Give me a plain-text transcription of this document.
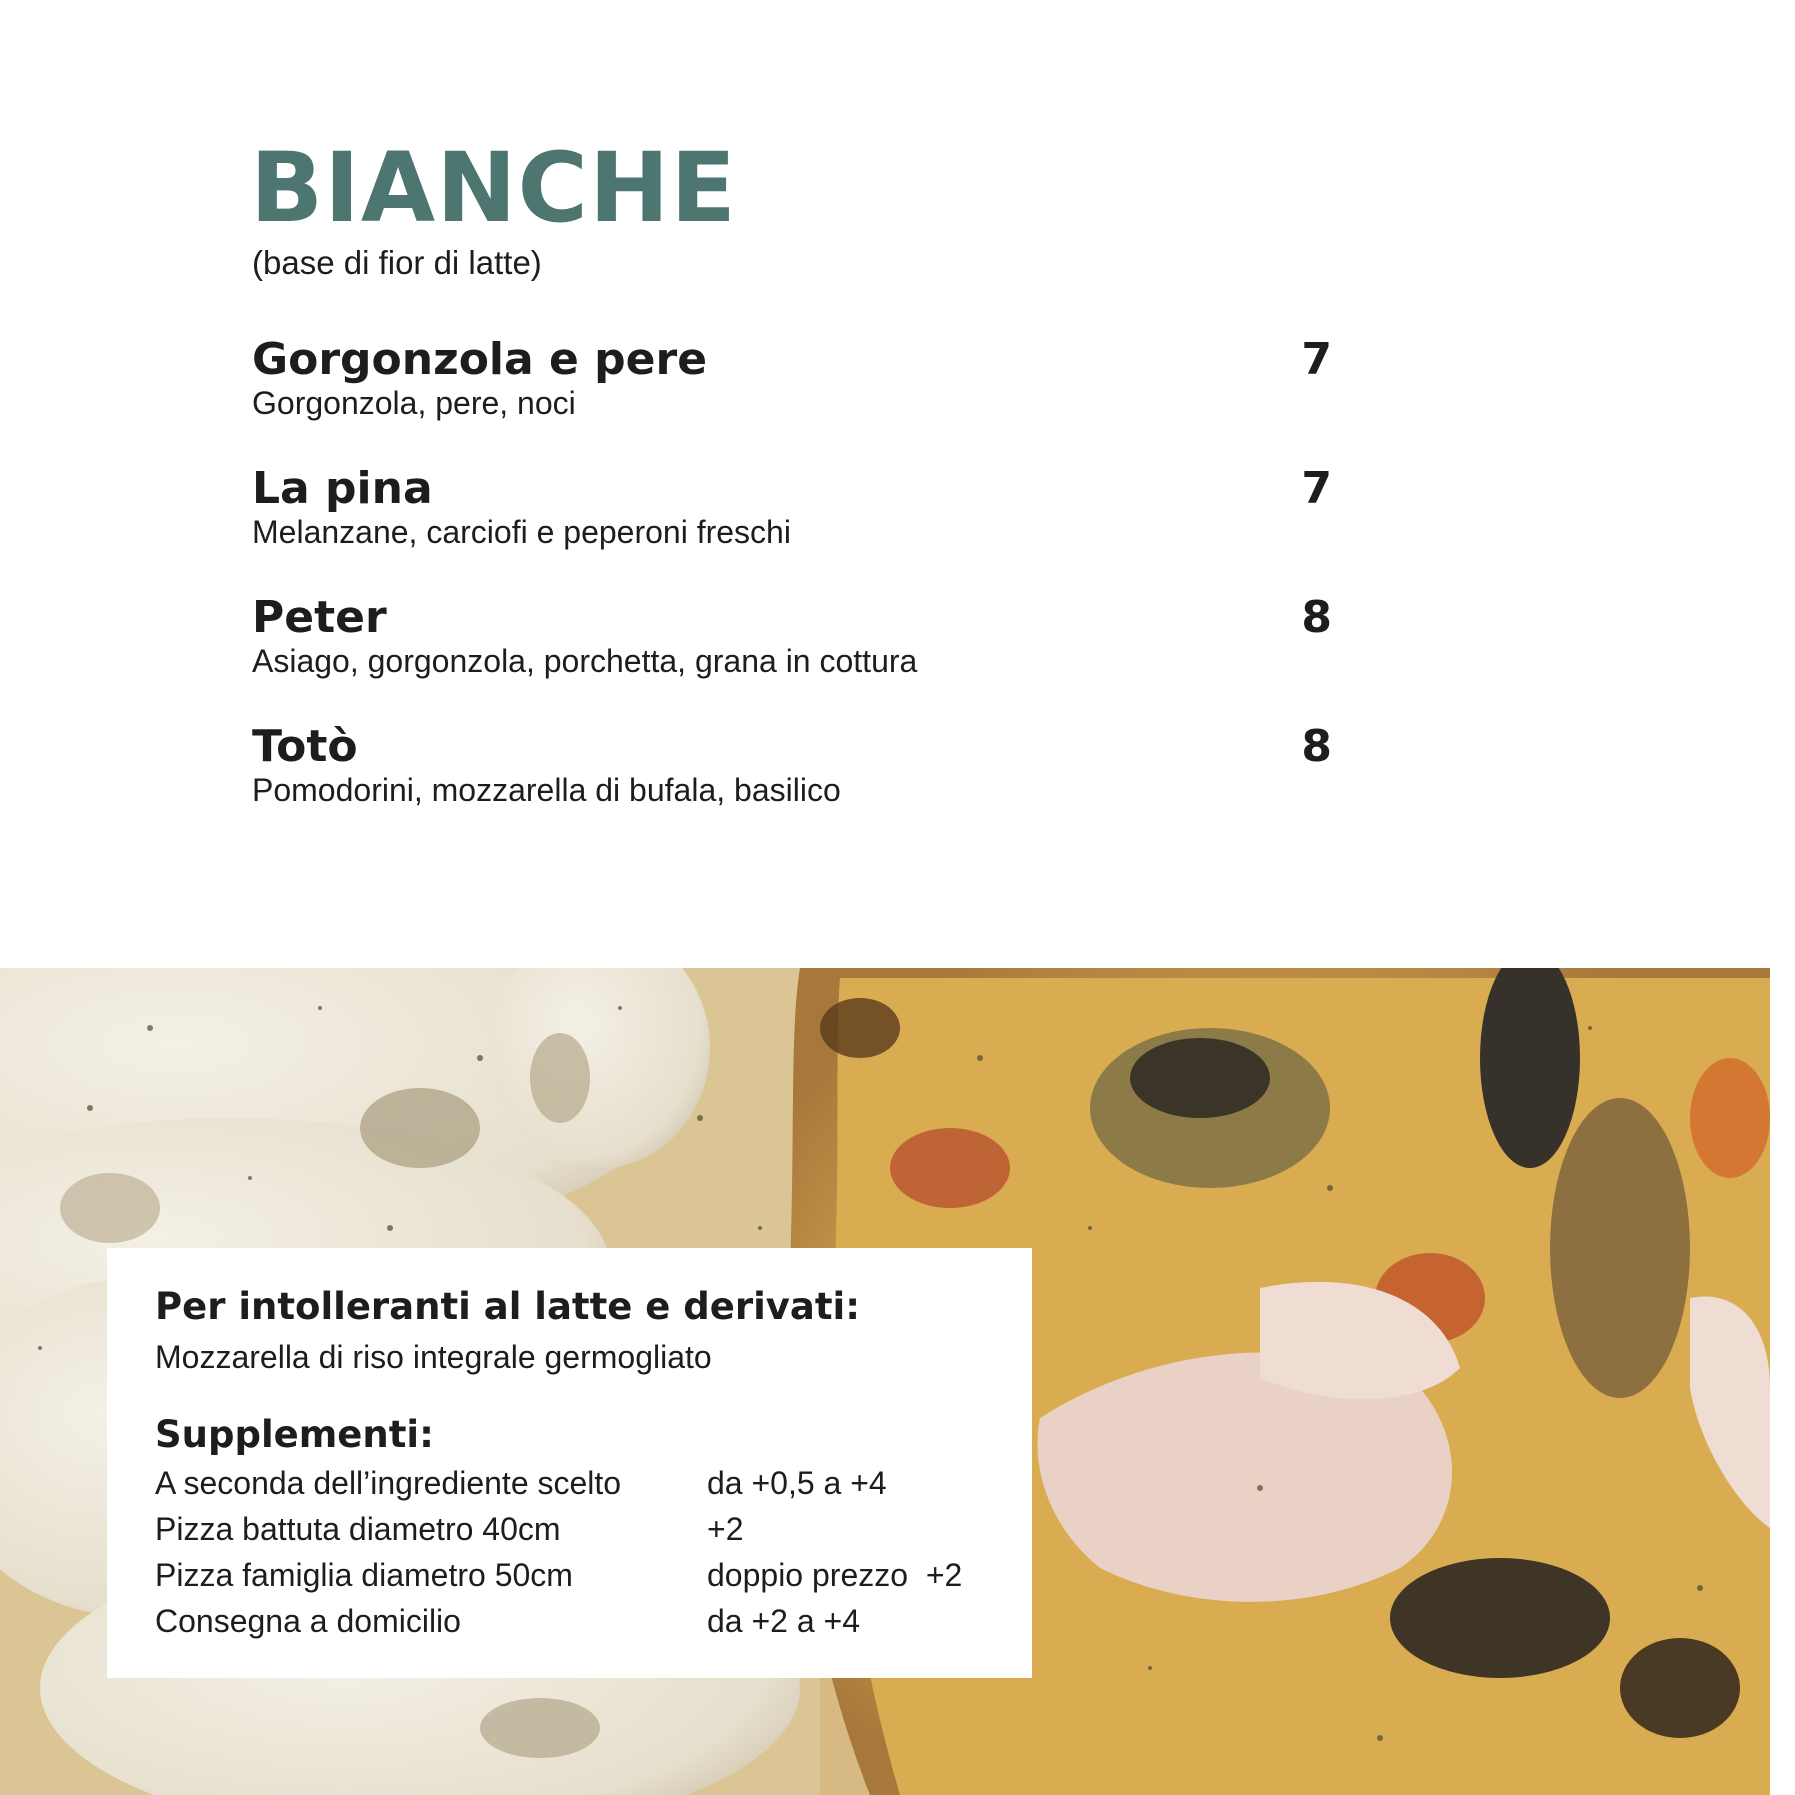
BIANCHE
(base di fior di latte)
Gorgonzola e pere	7
Gorgonzola, pere, noci
La pina	7
Melanzane, carciofi e peperoni freschi
Peter	8
Asiago, gorgonzola, porchetta, grana in cottura
Totò	8
Pomodorini, mozzarella di bufala, basilico
Per intolleranti al latte e derivati:
Mozzarella di riso integrale germogliato
Supplementi:
A seconda dell’ingrediente scelto	da +0,5 a +4
Pizza battuta diametro 40cm	+2
Pizza famiglia diametro 50cm	doppio prezzo  +2
Consegna a domicilio	da +2 a +4
